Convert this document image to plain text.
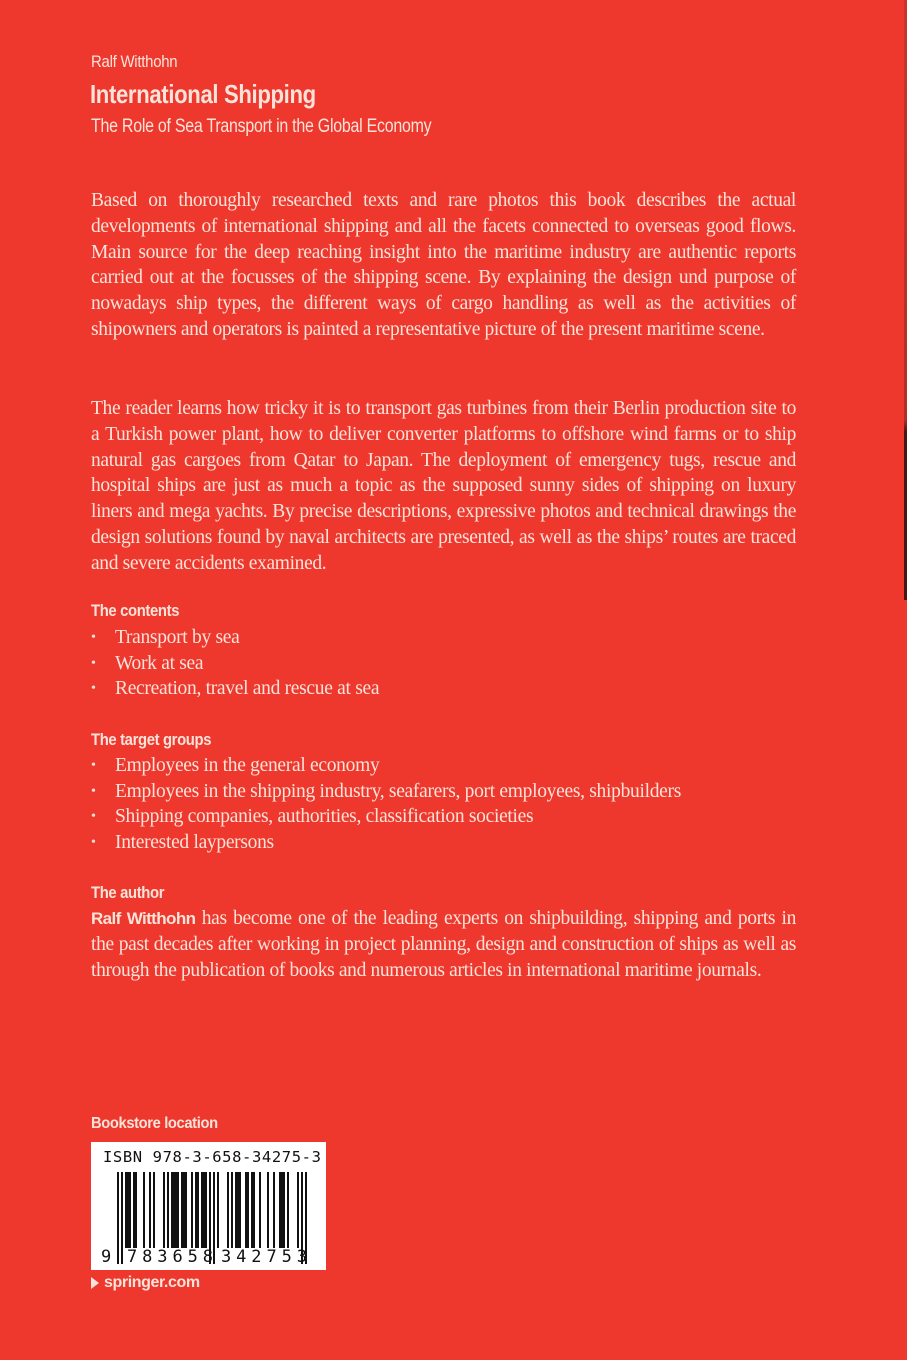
Ralf Witthohn
International Shipping
The Role of Sea Transport in the Global Economy
Based on thoroughly researched texts and rare photos this book describes the actual developments of international shipping and all the facets connected to overseas good flows. Main source for the deep reaching insight into the maritime industry are authentic reports carried out at the focusses of the shipping scene. By explaining the design und purpose of nowadays ship types, the different ways of cargo handling as well as the activities of shipowners and operators is painted a representative picture of the present maritime scene.
The reader learns how tricky it is to transport gas turbines from their Berlin production site to a Turkish power plant, how to deliver converter platforms to offshore wind farms or to ship natural gas cargoes from Qatar to Japan. The deployment of emergency tugs, rescue and hospital ships are just as much a topic as the supposed sunny sides of shipping on luxury liners and mega yachts. By precise descriptions, expressive photos and technical drawings the design solutions found by naval architects are presented, as well as the ships’ routes are traced and severe accidents examined.
The contents
• Transport by sea
• Work at sea
• Recreation, travel and rescue at sea
The target groups
• Employees in the general economy
• Employees in the shipping industry, seafarers, port employees, shipbuilders
• Shipping companies, authorities, classification societies
• Interested laypersons
The author
Ralf Witthohn has become one of the leading experts on shipbuilding, shipping and ports in the past decades after working in project planning, design and construction of ships as well as through the publication of books and numerous articles in international maritime journals.
Bookstore location
ISBN 978-3-658-34275-3
9 783658 342753
springer.com
